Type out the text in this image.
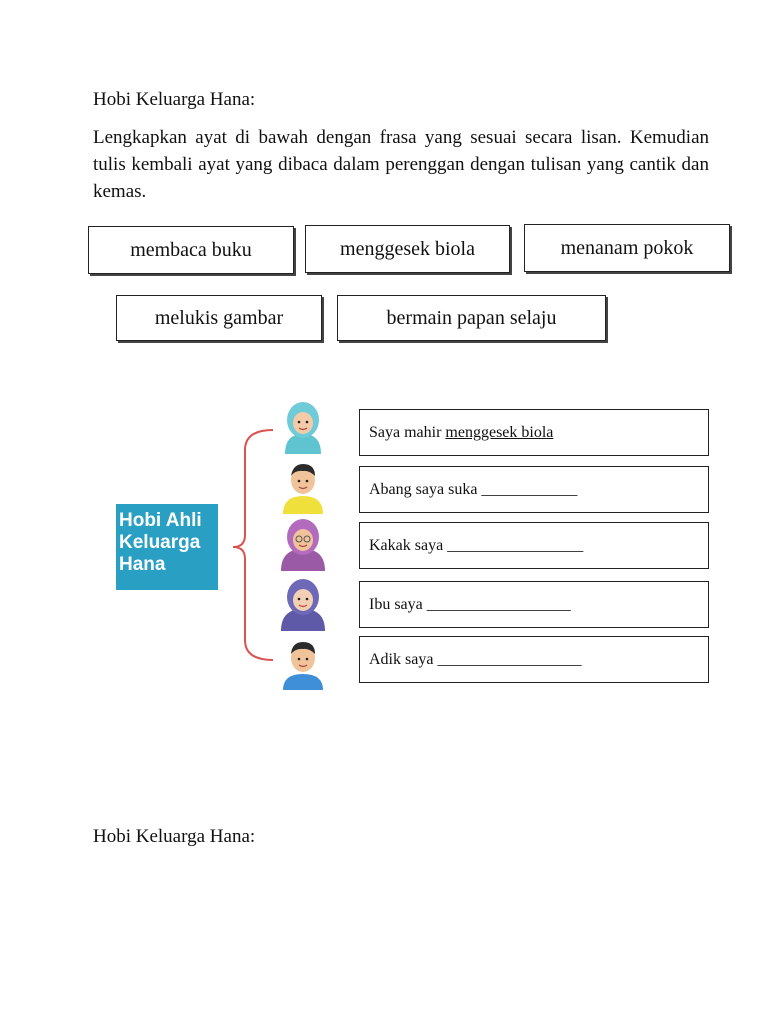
Hobi Keluarga Hana:
Lengkapkan ayat di bawah dengan frasa yang sesuai secara lisan. Kemudian tulis kembali ayat yang dibaca dalam perenggan dengan tulisan yang cantik dan kemas.
membaca buku	menggesek biola	menanam pokok
melukis gambar	bermain papan selaju
Hobi Ahli
Keluarga
Hana
Saya mahir menggesek biola
Abang saya suka ____________
Kakak saya _________________
Ibu saya __________________
Adik saya __________________
Hobi Keluarga Hana:
